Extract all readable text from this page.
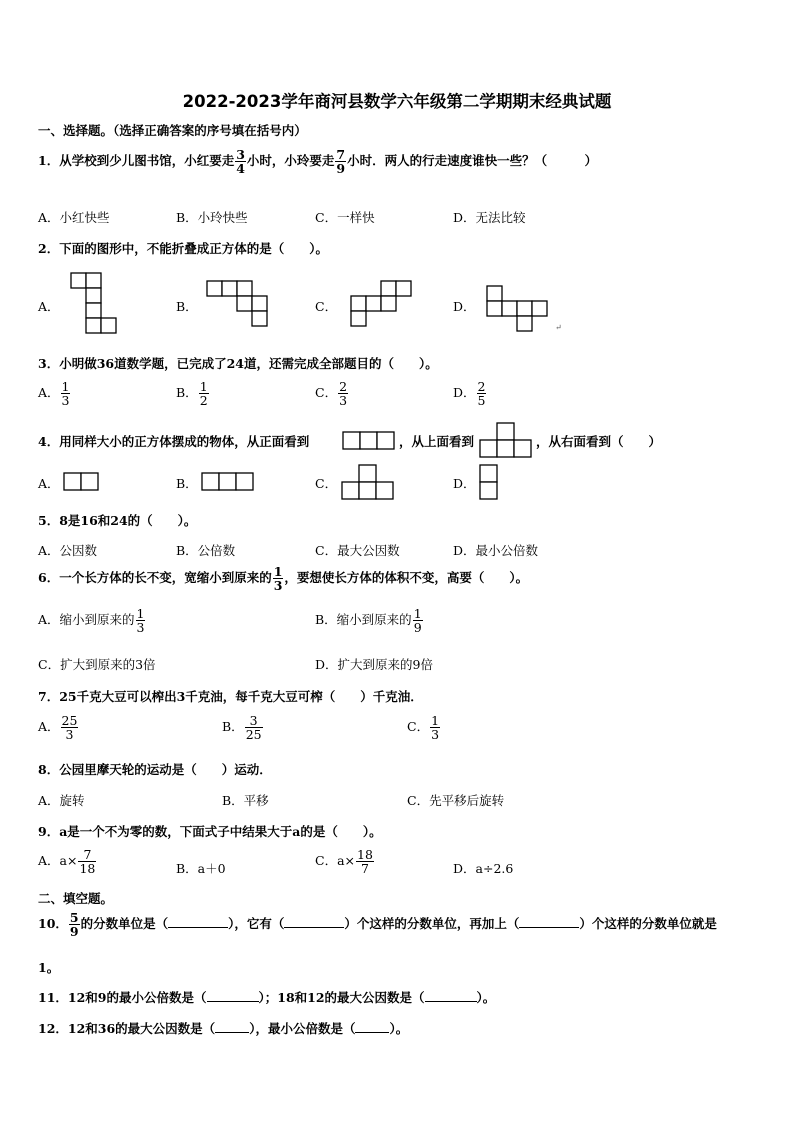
2022-2023学年商河县数学六年级第二学期期末经典试题
一、选择题。（选择正确答案的序号填在括号内）
1．从学校到少儿图书馆，小红要走 $\frac{3}{4}$ 小时，小玲要走 $\frac{7}{9}$ 小时．两人的行走速度谁快一些？（　　　）
A．小红快些	B．小玲快些	C．一样快	D．无法比较
2．下面的图形中，不能折叠成正方体的是（　　）。
A．	B．	C．	D．
↵
3．小明做36道数学题，已完成了24道，还需完成全部题目的（　　）。
A． $\frac{1}{3}$	B． $\frac{1}{2}$	C． $\frac{2}{3}$	D． $\frac{2}{5}$
4．用同样大小的正方体摆成的物体，从正面看到	，从上面看到	，从右面看到（　　）
A．	B．	C．	D．
5．8是16和24的（　　）。
A．公因数	B．公倍数	C．最大公因数	D．最小公倍数
6．一个长方体的长不变，宽缩小到原来的 $\frac{1}{3}$ ，要想使长方体的体积不变，高要（　　）。
A．缩小到原来的 $\frac{1}{3}$	B．缩小到原来的 $\frac{1}{9}$
C．扩大到原来的3倍	D．扩大到原来的9倍
7．25千克大豆可以榨出3千克油，每千克大豆可榨（　　）千克油．
A． $\frac{25}{3}$	B． $\frac{3}{25}$	C． $\frac{1}{3}$
8．公园里摩天轮的运动是（　　）运动．
A．旋转	B．平移	C．先平移后旋转
9．a是一个不为零的数，下面式子中结果大于a的是（　　）。
A．$a\times \frac{7}{18}$	B．a＋0
C．$a\times \frac{18}{7}$	D．a÷2.6
二、填空题。
10． $\frac{5}{9}$ 的分数单位是（	），它有（	）个这样的分数单位，再加上（	）个这样的分数单位就是
1。
11．12和9的最小公倍数是（	）；18和12的最大公因数是（	）。
12．12和36的最大公因数是（	），最小公倍数是（	）。
